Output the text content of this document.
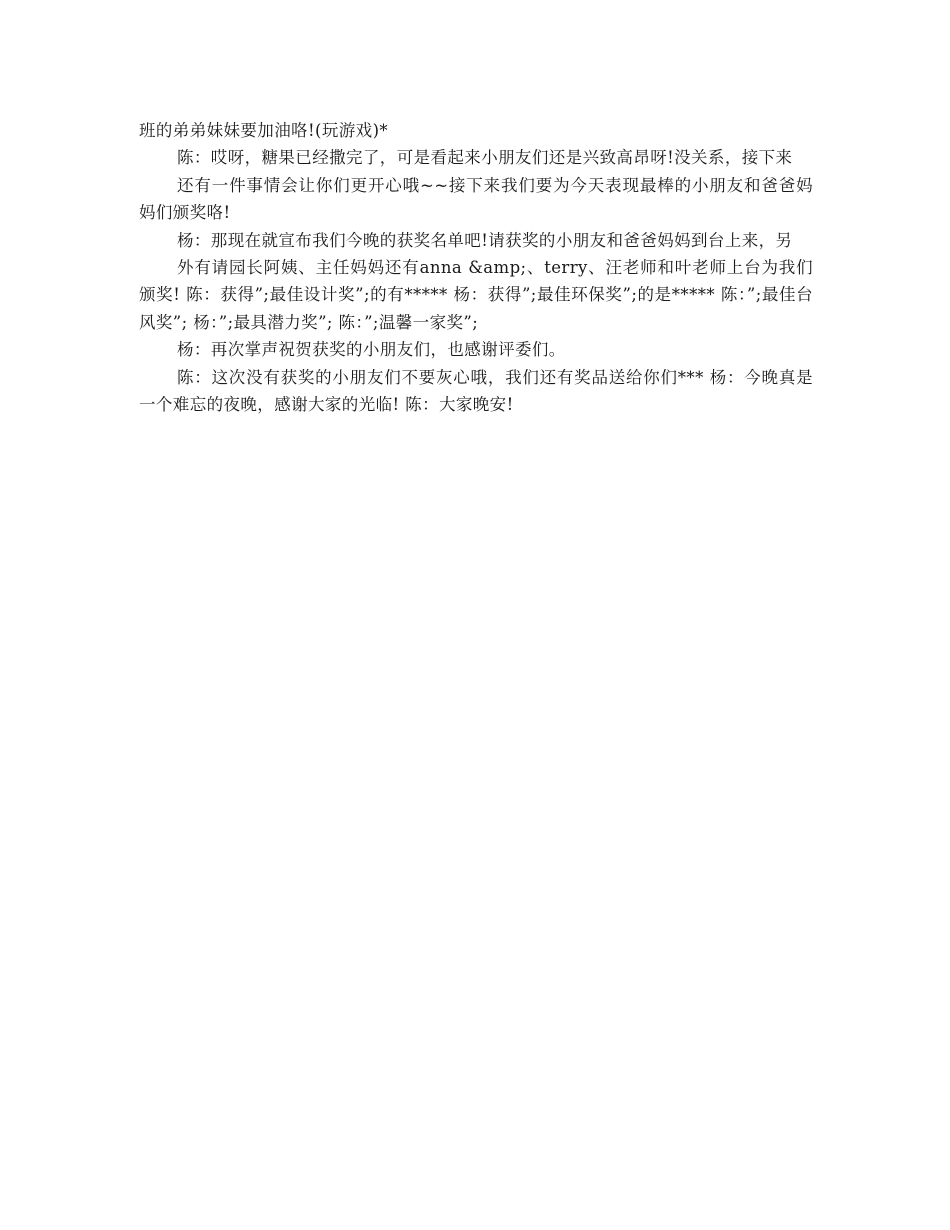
班的弟弟妹妹要加油咯!(玩游戏)*

陈：哎呀，糖果已经撒完了，可是看起来小朋友们还是兴致高昂呀!没关系，接下来

还有一件事情会让你们更开心哦~~接下来我们要为今天表现最棒的小朋友和爸爸妈妈们颁奖咯!

杨：那现在就宣布我们今晚的获奖名单吧!请获奖的小朋友和爸爸妈妈到台上来，另

外有请园长阿姨、主任妈妈还有anna &amp;、terry、汪老师和叶老师上台为我们颁奖! 陈：获得”;最佳设计奖”;的有***** 杨：获得”;最佳环保奖”;的是***** 陈：”;最佳台风奖”; 杨：”;最具潜力奖”; 陈：”;温馨一家奖”;

杨：再次掌声祝贺获奖的小朋友们，也感谢评委们。

陈：这次没有获奖的小朋友们不要灰心哦，我们还有奖品送给你们*** 杨：今晚真是一个难忘的夜晚，感谢大家的光临! 陈：大家晚安!
